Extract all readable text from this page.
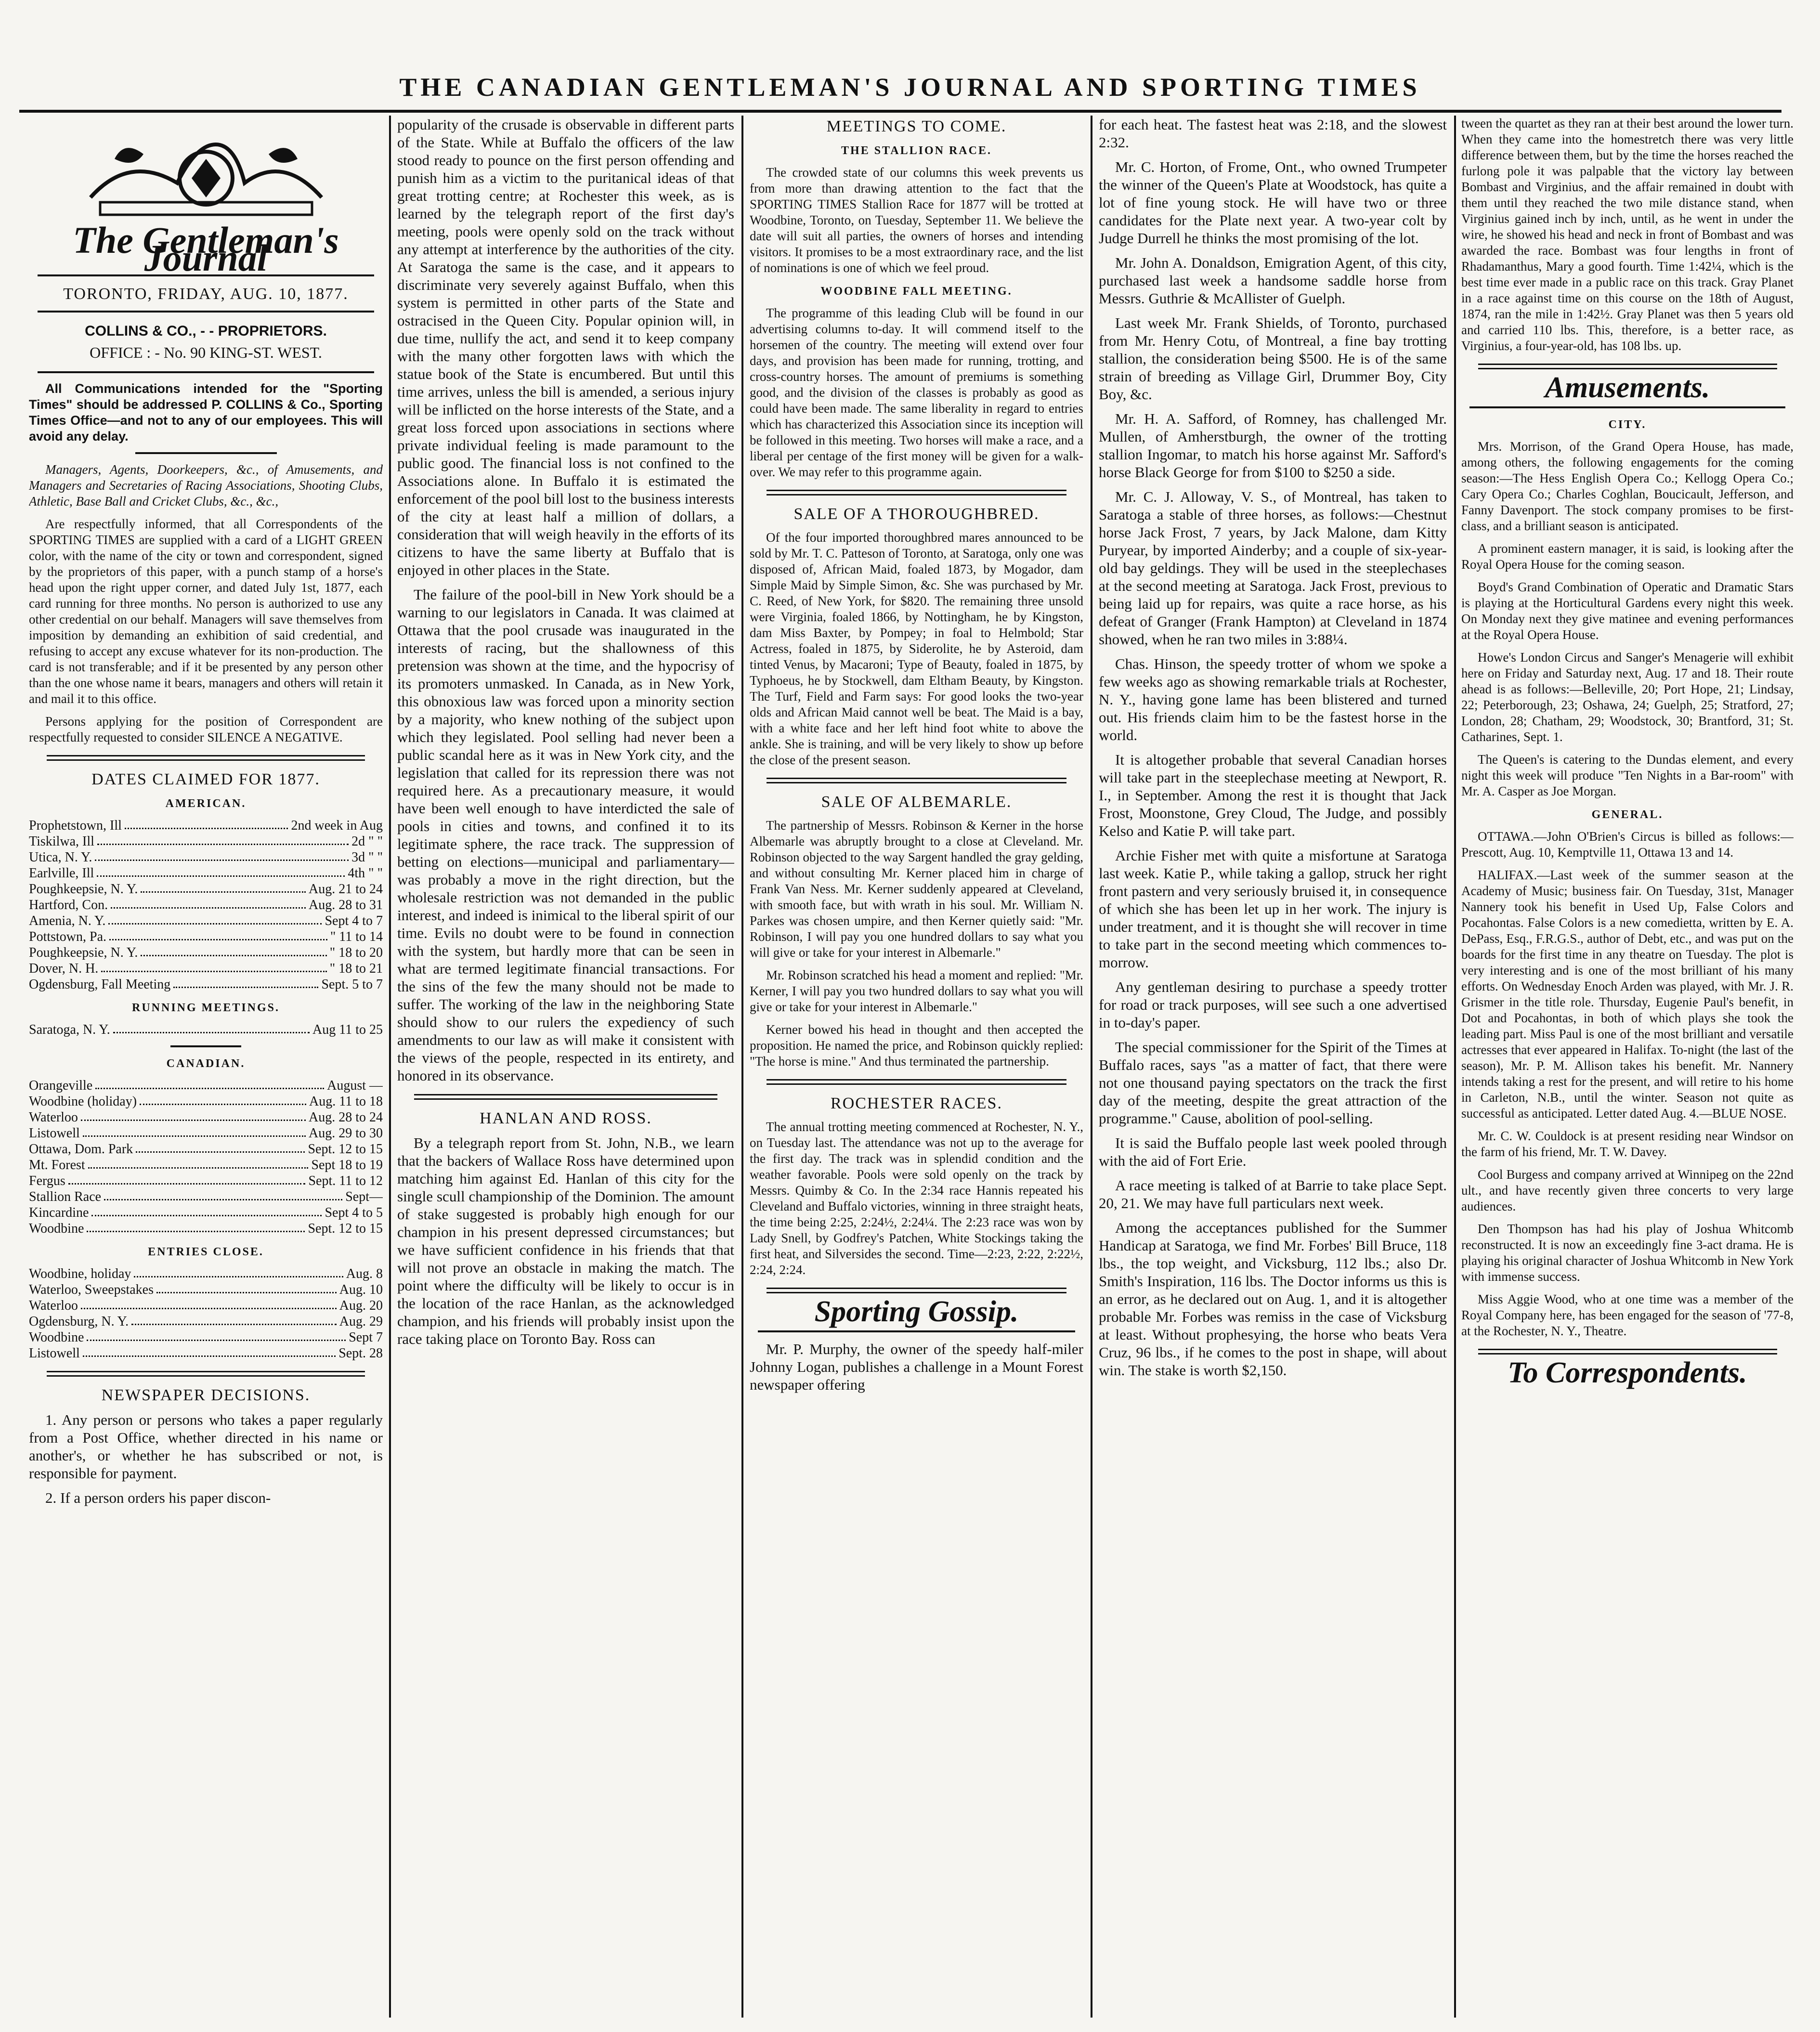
THE CANADIAN GENTLEMAN'S JOURNAL AND SPORTING TIMES
The Gentleman's Journal
TORONTO, FRIDAY, AUG. 10, 1877.
COLLINS & CO., - - PROPRIETORS.
OFFICE : - No. 90 KING-ST. WEST.

All Communications intended for the "Sporting Times" should be addressed P. COLLINS & Co., Sporting Times Office—and not to any of our employees. This will avoid any delay.

Managers, Agents, Doorkeepers, &c., of Amusements, and Managers and Secretaries of Racing Associations, Shooting Clubs, Athletic, Base Ball and Cricket Clubs, &c., &c.,

Are respectfully informed, that all Correspondents of the SPORTING TIMES are supplied with a card of a LIGHT GREEN color, with the name of the city or town and correspondent, signed by the proprietors of this paper, with a punch stamp of a horse's head upon the right upper corner, and dated July 1st, 1877, each card running for three months. No person is authorized to use any other credential on our behalf. Managers will save themselves from imposition by demanding an exhibition of said credential, and refusing to accept any excuse whatever for its non-production. The card is not transferable; and if it be presented by any person other than the one whose name it bears, managers and others will retain it and mail it to this office.

Persons applying for the position of Correspondent are respectfully requested to consider SILENCE A NEGATIVE.

DATES CLAIMED FOR 1877.
AMERICAN.
Prophetstown, Ill	2nd week in Aug
Tiskilwa, Ill	2d " "
Utica, N. Y.	3d " "
Earlville, Ill	4th " "
Poughkeepsie, N. Y.	Aug. 21 to 24
Hartford, Con.	Aug. 28 to 31
Amenia, N. Y.	Sept 4 to 7
Pottstown, Pa.	" 11 to 14
Poughkeepsie, N. Y.	" 18 to 20
Dover, N. H.	" 18 to 21
Ogdensburg, Fall Meeting	Sept. 5 to 7
RUNNING MEETINGS.
Saratoga, N. Y.	Aug 11 to 25
CANADIAN.
Orangeville	August —
Woodbine (holiday)	Aug. 11 to 18
Waterloo	Aug. 28 to 24
Listowell	Aug. 29 to 30
Ottawa, Dom. Park	Sept. 12 to 15
Mt. Forest	Sept 18 to 19
Fergus	Sept. 11 to 12
Stallion Race	Sept—
Kincardine	Sept 4 to 5
Woodbine	Sept. 12 to 15
ENTRIES CLOSE.
Woodbine, holiday	Aug. 8
Waterloo, Sweepstakes	Aug. 10
Waterloo	Aug. 20
Ogdensburg, N. Y.	Aug. 29
Woodbine	Sept 7
Listowell	Sept. 28
NEWSPAPER DECISIONS.

1. Any person or persons who takes a paper regularly from a Post Office, whether directed in his name or another's, or whether he has subscribed or not, is responsible for payment.

2. If a person orders his paper discon-

popularity of the crusade is observable in different parts of the State. While at Buffalo the officers of the law stood ready to pounce on the first person offending and punish him as a victim to the puritanical ideas of that great trotting centre; at Rochester this week, as is learned by the telegraph report of the first day's meeting, pools were openly sold on the track without any attempt at interference by the authorities of the city. At Saratoga the same is the case, and it appears to discriminate very severely against Buffalo, when this system is permitted in other parts of the State and ostracised in the Queen City. Popular opinion will, in due time, nullify the act, and send it to keep company with the many other forgotten laws with which the statue book of the State is encumbered. But until this time arrives, unless the bill is amended, a serious injury will be inflicted on the horse interests of the State, and a great loss forced upon associations in sections where private individual feeling is made paramount to the public good. The financial loss is not confined to the Associations alone. In Buffalo it is estimated the enforcement of the pool bill lost to the business interests of the city at least half a million of dollars, a consideration that will weigh heavily in the efforts of its citizens to have the same liberty at Buffalo that is enjoyed in other places in the State.

The failure of the pool-bill in New York should be a warning to our legislators in Canada. It was claimed at Ottawa that the pool crusade was inaugurated in the interests of racing, but the shallowness of this pretension was shown at the time, and the hypocrisy of its promoters unmasked. In Canada, as in New York, this obnoxious law was forced upon a minority section by a majority, who knew nothing of the subject upon which they legislated. Pool selling had never been a public scandal here as it was in New York city, and the legislation that called for its repression there was not required here. As a precautionary measure, it would have been well enough to have interdicted the sale of pools in cities and towns, and confined it to its legitimate sphere, the race track. The suppression of betting on elections—municipal and parliamentary—was probably a move in the right direction, but the wholesale restriction was not demanded in the public interest, and indeed is inimical to the liberal spirit of our time. Evils no doubt were to be found in connection with the system, but hardly more that can be seen in what are termed legitimate financial transactions. For the sins of the few the many should not be made to suffer. The working of the law in the neighboring State should show to our rulers the expediency of such amendments to our law as will make it consistent with the views of the people, respected in its entirety, and honored in its observance.

HANLAN AND ROSS.

By a telegraph report from St. John, N.B., we learn that the backers of Wallace Ross have determined upon matching him against Ed. Hanlan of this city for the single scull championship of the Dominion. The amount of stake suggested is probably high enough for our champion in his present depressed circumstances; but we have sufficient confidence in his friends that that will not prove an obstacle in making the match. The point where the difficulty will be likely to occur is in the location of the race Hanlan, as the acknowledged champion, and his friends will probably insist upon the race taking place on Toronto Bay. Ross can

MEETINGS TO COME.
THE STALLION RACE.

The crowded state of our columns this week prevents us from more than drawing attention to the fact that the SPORTING TIMES Stallion Race for 1877 will be trotted at Woodbine, Toronto, on Tuesday, September 11. We believe the date will suit all parties, the owners of horses and intending visitors. It promises to be a most extraordinary race, and the list of nominations is one of which we feel proud.

WOODBINE FALL MEETING.

The programme of this leading Club will be found in our advertising columns to-day. It will commend itself to the horsemen of the country. The meeting will extend over four days, and provision has been made for running, trotting, and cross-country horses. The amount of premiums is something good, and the division of the classes is probably as good as could have been made. The same liberality in regard to entries which has characterized this Association since its inception will be followed in this meeting. Two horses will make a race, and a liberal per centage of the first money will be given for a walk-over. We may refer to this programme again.

SALE OF A THOROUGHBRED.

Of the four imported thoroughbred mares announced to be sold by Mr. T. C. Patteson of Toronto, at Saratoga, only one was disposed of, African Maid, foaled 1873, by Mogador, dam Simple Maid by Simple Simon, &c. She was purchased by Mr. C. Reed, of New York, for $820. The remaining three unsold were Virginia, foaled 1866, by Nottingham, he by Kingston, dam Miss Baxter, by Pompey; in foal to Helmbold; Star Actress, foaled in 1875, by Siderolite, he by Asteroid, dam tinted Venus, by Macaroni; Type of Beauty, foaled in 1875, by Typhoeus, he by Stockwell, dam Eltham Beauty, by Kingston. The Turf, Field and Farm says: For good looks the two-year olds and African Maid cannot well be beat. The Maid is a bay, with a white face and her left hind foot white to above the ankle. She is training, and will be very likely to show up before the close of the present season.

SALE OF ALBEMARLE.

The partnership of Messrs. Robinson & Kerner in the horse Albemarle was abruptly brought to a close at Cleveland. Mr. Robinson objected to the way Sargent handled the gray gelding, and without consulting Mr. Kerner placed him in charge of Frank Van Ness. Mr. Kerner suddenly appeared at Cleveland, with smooth face, but with wrath in his soul. Mr. William N. Parkes was chosen umpire, and then Kerner quietly said: "Mr. Robinson, I will pay you one hundred dollars to say what you will give or take for your interest in Albemarle."

Mr. Robinson scratched his head a moment and replied: "Mr. Kerner, I will pay you two hundred dollars to say what you will give or take for your interest in Albemarle."

Kerner bowed his head in thought and then accepted the proposition. He named the price, and Robinson quickly replied: "The horse is mine." And thus terminated the partnership.

ROCHESTER RACES.

The annual trotting meeting commenced at Rochester, N. Y., on Tuesday last. The attendance was not up to the average for the first day. The track was in splendid condition and the weather favorable. Pools were sold openly on the track by Messrs. Quimby & Co. In the 2:34 race Hannis repeated his Cleveland and Buffalo victories, winning in three straight heats, the time being 2:25, 2:24½, 2:24¼. The 2:23 race was won by Lady Snell, by Godfrey's Patchen, White Stockings taking the first heat, and Silversides the second. Time—2:23, 2:22, 2:22½, 2:24, 2:24.

Sporting Gossip.

Mr. P. Murphy, the owner of the speedy half-miler Johnny Logan, publishes a challenge in a Mount Forest newspaper offering

for each heat. The fastest heat was 2:18, and the slowest 2:32.

Mr. C. Horton, of Frome, Ont., who owned Trumpeter the winner of the Queen's Plate at Woodstock, has quite a lot of fine young stock. He will have two or three candidates for the Plate next year. A two-year colt by Judge Durrell he thinks the most promising of the lot.

Mr. John A. Donaldson, Emigration Agent, of this city, purchased last week a handsome saddle horse from Messrs. Guthrie & McAllister of Guelph.

Last week Mr. Frank Shields, of Toronto, purchased from Mr. Henry Cotu, of Montreal, a fine bay trotting stallion, the consideration being $500. He is of the same strain of breeding as Village Girl, Drummer Boy, City Boy, &c.

Mr. H. A. Safford, of Romney, has challenged Mr. Mullen, of Amherstburgh, the owner of the trotting stallion Ingomar, to match his horse against Mr. Safford's horse Black George for from $100 to $250 a side.

Mr. C. J. Alloway, V. S., of Montreal, has taken to Saratoga a stable of three horses, as follows:—Chestnut horse Jack Frost, 7 years, by Jack Malone, dam Kitty Puryear, by imported Ainderby; and a couple of six-year-old bay geldings. They will be used in the steeplechases at the second meeting at Saratoga. Jack Frost, previous to being laid up for repairs, was quite a race horse, as his defeat of Granger (Frank Hampton) at Cleveland in 1874 showed, when he ran two miles in 3:88¼.

Chas. Hinson, the speedy trotter of whom we spoke a few weeks ago as showing remarkable trials at Rochester, N. Y., having gone lame has been blistered and turned out. His friends claim him to be the fastest horse in the world.

It is altogether probable that several Canadian horses will take part in the steeplechase meeting at Newport, R. I., in September. Among the rest it is thought that Jack Frost, Moonstone, Grey Cloud, The Judge, and possibly Kelso and Katie P. will take part.

Archie Fisher met with quite a misfortune at Saratoga last week. Katie P., while taking a gallop, struck her right front pastern and very seriously bruised it, in consequence of which she has been let up in her work. The injury is under treatment, and it is thought she will recover in time to take part in the second meeting which commences to-morrow.

Any gentleman desiring to purchase a speedy trotter for road or track purposes, will see such a one advertised in to-day's paper.

The special commissioner for the Spirit of the Times at Buffalo races, says "as a matter of fact, that there were not one thousand paying spectators on the track the first day of the meeting, despite the great attraction of the programme." Cause, abolition of pool-selling.

It is said the Buffalo people last week pooled through with the aid of Fort Erie.

A race meeting is talked of at Barrie to take place Sept. 20, 21. We may have full particulars next week.

Among the acceptances published for the Summer Handicap at Saratoga, we find Mr. Forbes' Bill Bruce, 118 lbs., the top weight, and Vicksburg, 112 lbs.; also Dr. Smith's Inspiration, 116 lbs. The Doctor informs us this is an error, as he declared out on Aug. 1, and it is altogether probable Mr. Forbes was remiss in the case of Vicksburg at least. Without prophesying, the horse who beats Vera Cruz, 96 lbs., if he comes to the post in shape, will about win. The stake is worth $2,150.

tween the quartet as they ran at their best around the lower turn. When they came into the homestretch there was very little difference between them, but by the time the horses reached the furlong pole it was palpable that the victory lay between Bombast and Virginius, and the affair remained in doubt with them until they reached the two mile distance stand, when Virginius gained inch by inch, until, as he went in under the wire, he showed his head and neck in front of Bombast and was awarded the race. Bombast was four lengths in front of Rhadamanthus, Mary a good fourth. Time 1:42¼, which is the best time ever made in a public race on this track. Gray Planet in a race against time on this course on the 18th of August, 1874, ran the mile in 1:42½. Gray Planet was then 5 years old and carried 110 lbs. This, therefore, is a better race, as Virginius, a four-year-old, has 108 lbs. up.

Amusements.
CITY.

Mrs. Morrison, of the Grand Opera House, has made, among others, the following engagements for the coming season:—The Hess English Opera Co.; Kellogg Opera Co.; Cary Opera Co.; Charles Coghlan, Boucicault, Jefferson, and Fanny Davenport. The stock company promises to be first-class, and a brilliant season is anticipated.

A prominent eastern manager, it is said, is looking after the Royal Opera House for the coming season.

Boyd's Grand Combination of Operatic and Dramatic Stars is playing at the Horticultural Gardens every night this week. On Monday next they give matinee and evening performances at the Royal Opera House.

Howe's London Circus and Sanger's Menagerie will exhibit here on Friday and Saturday next, Aug. 17 and 18. Their route ahead is as follows:—Belleville, 20; Port Hope, 21; Lindsay, 22; Peterborough, 23; Oshawa, 24; Guelph, 25; Stratford, 27; London, 28; Chatham, 29; Woodstock, 30; Brantford, 31; St. Catharines, Sept. 1.

The Queen's is catering to the Dundas element, and every night this week will produce "Ten Nights in a Bar-room" with Mr. A. Casper as Joe Morgan.

GENERAL.

OTTAWA.—John O'Brien's Circus is billed as follows:—Prescott, Aug. 10, Kemptville 11, Ottawa 13 and 14.

HALIFAX.—Last week of the summer season at the Academy of Music; business fair. On Tuesday, 31st, Manager Nannery took his benefit in Used Up, False Colors and Pocahontas. False Colors is a new comedietta, written by E. A. DePass, Esq., F.R.G.S., author of Debt, etc., and was put on the boards for the first time in any theatre on Tuesday. The plot is very interesting and is one of the most brilliant of his many efforts. On Wednesday Enoch Arden was played, with Mr. J. R. Grismer in the title role. Thursday, Eugenie Paul's benefit, in Dot and Pocahontas, in both of which plays she took the leading part. Miss Paul is one of the most brilliant and versatile actresses that ever appeared in Halifax. To-night (the last of the season), Mr. P. M. Allison takes his benefit. Mr. Nannery intends taking a rest for the present, and will retire to his home in Carleton, N.B., until the winter. Season not quite as successful as anticipated. Letter dated Aug. 4.—BLUE NOSE.

Mr. C. W. Couldock is at present residing near Windsor on the farm of his friend, Mr. T. W. Davey.

Cool Burgess and company arrived at Winnipeg on the 22nd ult., and have recently given three concerts to very large audiences.

Den Thompson has had his play of Joshua Whitcomb reconstructed. It is now an exceedingly fine 3-act drama. He is playing his original character of Joshua Whitcomb in New York with immense success.

Miss Aggie Wood, who at one time was a member of the Royal Company here, has been engaged for the season of '77-8, at the Rochester, N. Y., Theatre.

To Correspondents.
